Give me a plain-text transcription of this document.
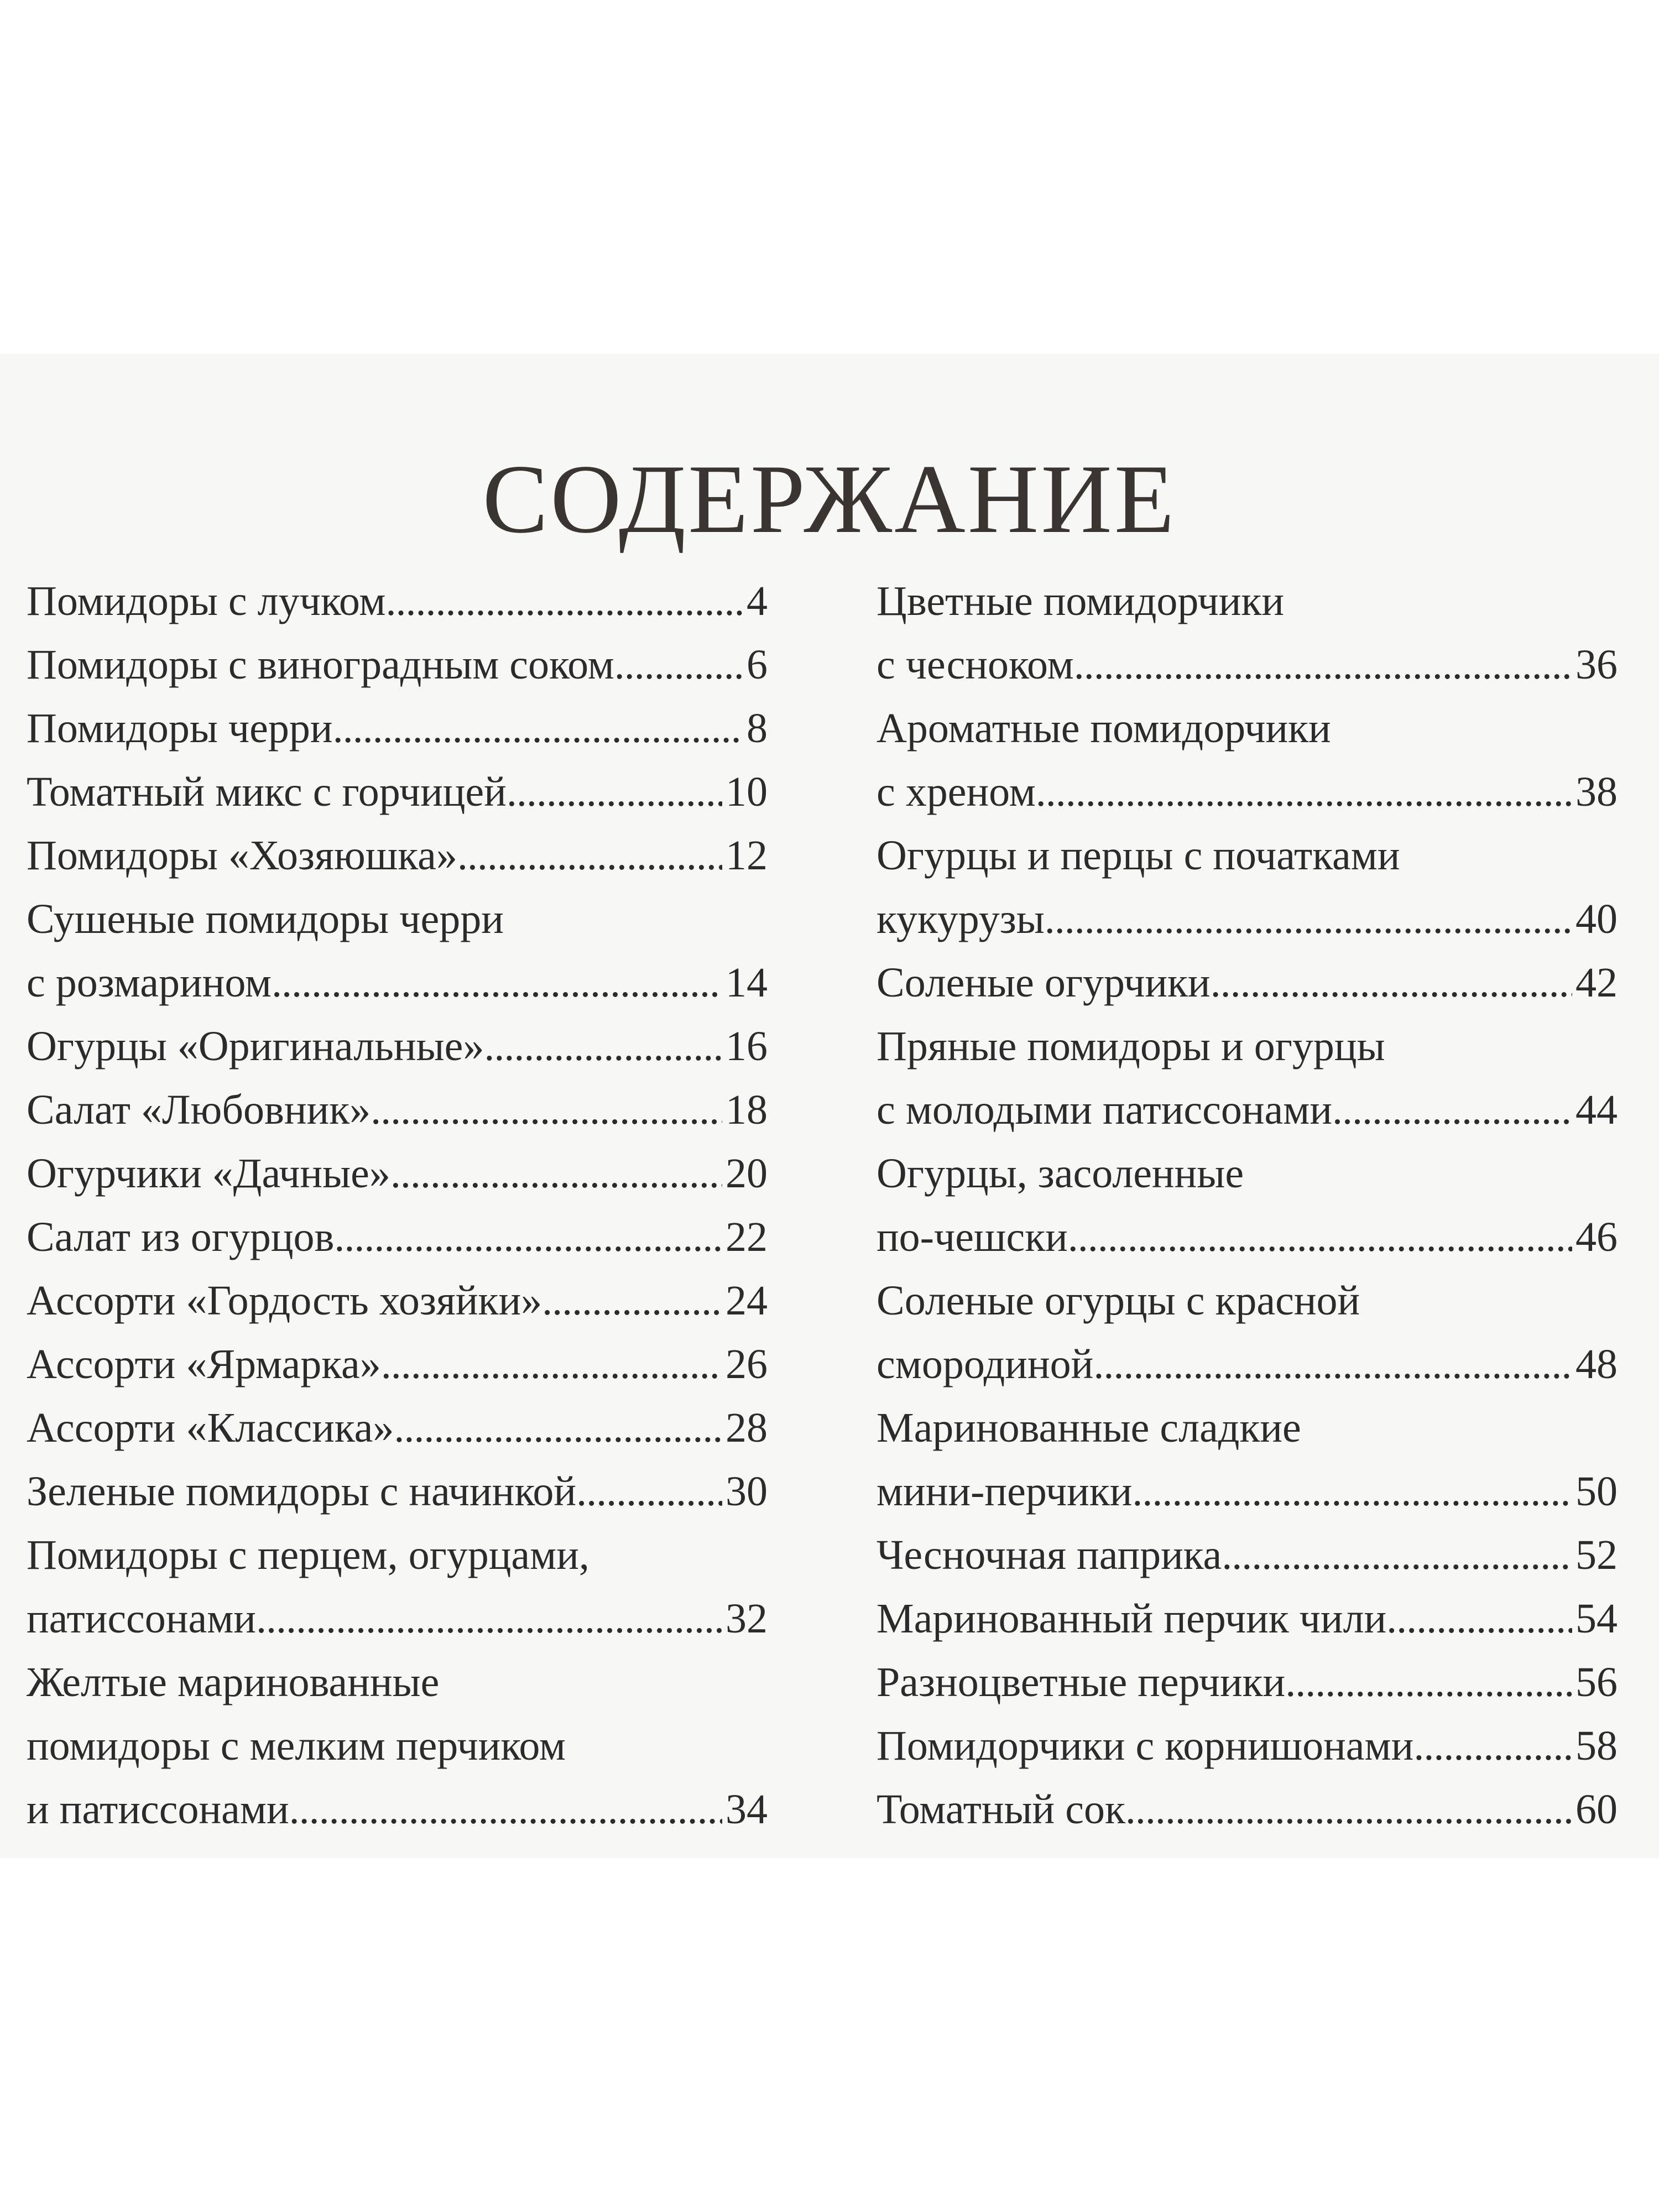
СОДЕРЖАНИЕ
Помидоры с лучком . . .	4
Помидоры с виноградным соком . . .	6
Помидоры черри . . .	8
Томатный микс с горчицей . . .	10
Помидоры «Хозяюшка» . . .	12
Сушеные помидоры черри
с розмарином . . .	14
Огурцы «Оригинальные» . . .	16
Салат «Любовник» . . .	18
Огурчики «Дачные» . . .	20
Салат из огурцов . . .	22
Ассорти «Гордость хозяйки» . . .	24
Ассорти «Ярмарка» . . .	26
Ассорти «Классика» . . .	28
Зеленые помидоры с начинкой . . .	30
Помидоры с перцем, огурцами,
патиссонами . . .	32
Желтые маринованные
помидоры с мелким перчиком
и патиссонами . . .	34
Цветные помидорчики
с чесноком . . .	36
Ароматные помидорчики
с хреном . . .	38
Огурцы и перцы с початками
кукурузы . . .	40
Соленые огурчики . . .	42
Пряные помидоры и огурцы
с молодыми патиссонами . . .	44
Огурцы, засоленные
по-чешски . . .	46
Соленые огурцы с красной
смородиной . . .	48
Маринованные сладкие
мини-перчики . . .	50
Чесночная паприка . . .	52
Маринованный перчик чили . . .	54
Разноцветные перчики . . .	56
Помидорчики с корнишонами . . .	58
Томатный сок . . .	60
